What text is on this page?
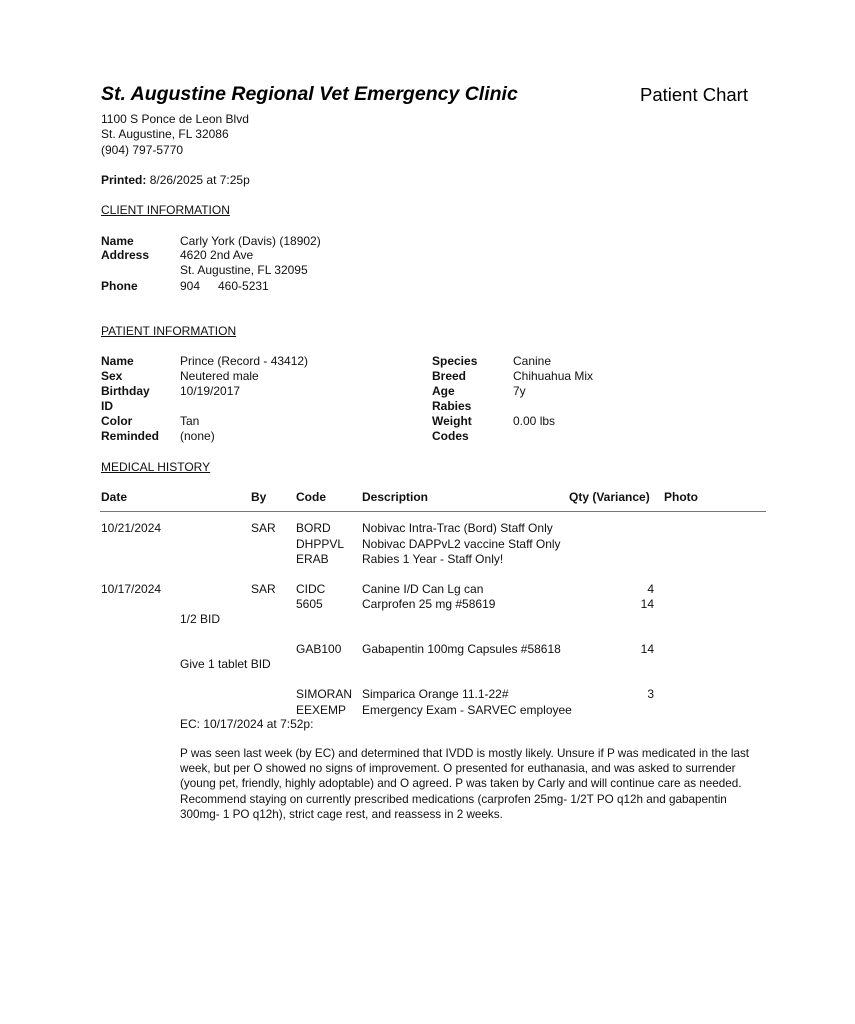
St. Augustine Regional Vet Emergency Clinic	Patient Chart
1100 S Ponce de Leon Blvd
St. Augustine, FL 32086
(904) 797-5770
Printed: 8/26/2025 at 7:25p
CLIENT INFORMATION
Name	Carly York (Davis) (18902)
Address	4620 2nd Ave
St. Augustine, FL 32095
Phone	904 460-5231
PATIENT INFORMATION
Name	Prince (Record - 43412)
Sex	Neutered male
Birthday	10/19/2017
ID
Color	Tan
Reminded (none)
Species	Canine
Breed	Chihuahua Mix
Age	7y
Rabies
Weight	0.00 lbs
Codes
MEDICAL HISTORY
Date	By Code	Description	Qty (Variance) Photo
10/21/2024	SAR BORD	Nobivac Intra-Trac (Bord) Staff Only
DHPPVL Nobivac DAPPvL2 vaccine Staff Only
ERAB	Rabies 1 Year - Staff Only!
10/17/2024	SAR CIDC	Canine I/D Can Lg can	4
5605	Carprofen 25 mg #58619	14
1/2 BID
GAB100 Gabapentin 100mg Capsules #58618	14
Give 1 tablet BID
SIMORAN Simparica Orange 11.1-22#	3
EEXEMP Emergency Exam - SARVEC employee
EC: 10/17/2024 at 7:52p:
P was seen last week (by EC) and determined that IVDD is mostly likely. Unsure if P was medicated in the last week, but per O showed no signs of improvement. O presented for euthanasia, and was asked to surrender (young pet, friendly, highly adoptable) and O agreed. P was taken by Carly and will continue care as needed. Recommend staying on currently prescribed medications (carprofen 25mg- 1/2T PO q12h and gabapentin 300mg- 1 PO q12h), strict cage rest, and reassess in 2 weeks.
